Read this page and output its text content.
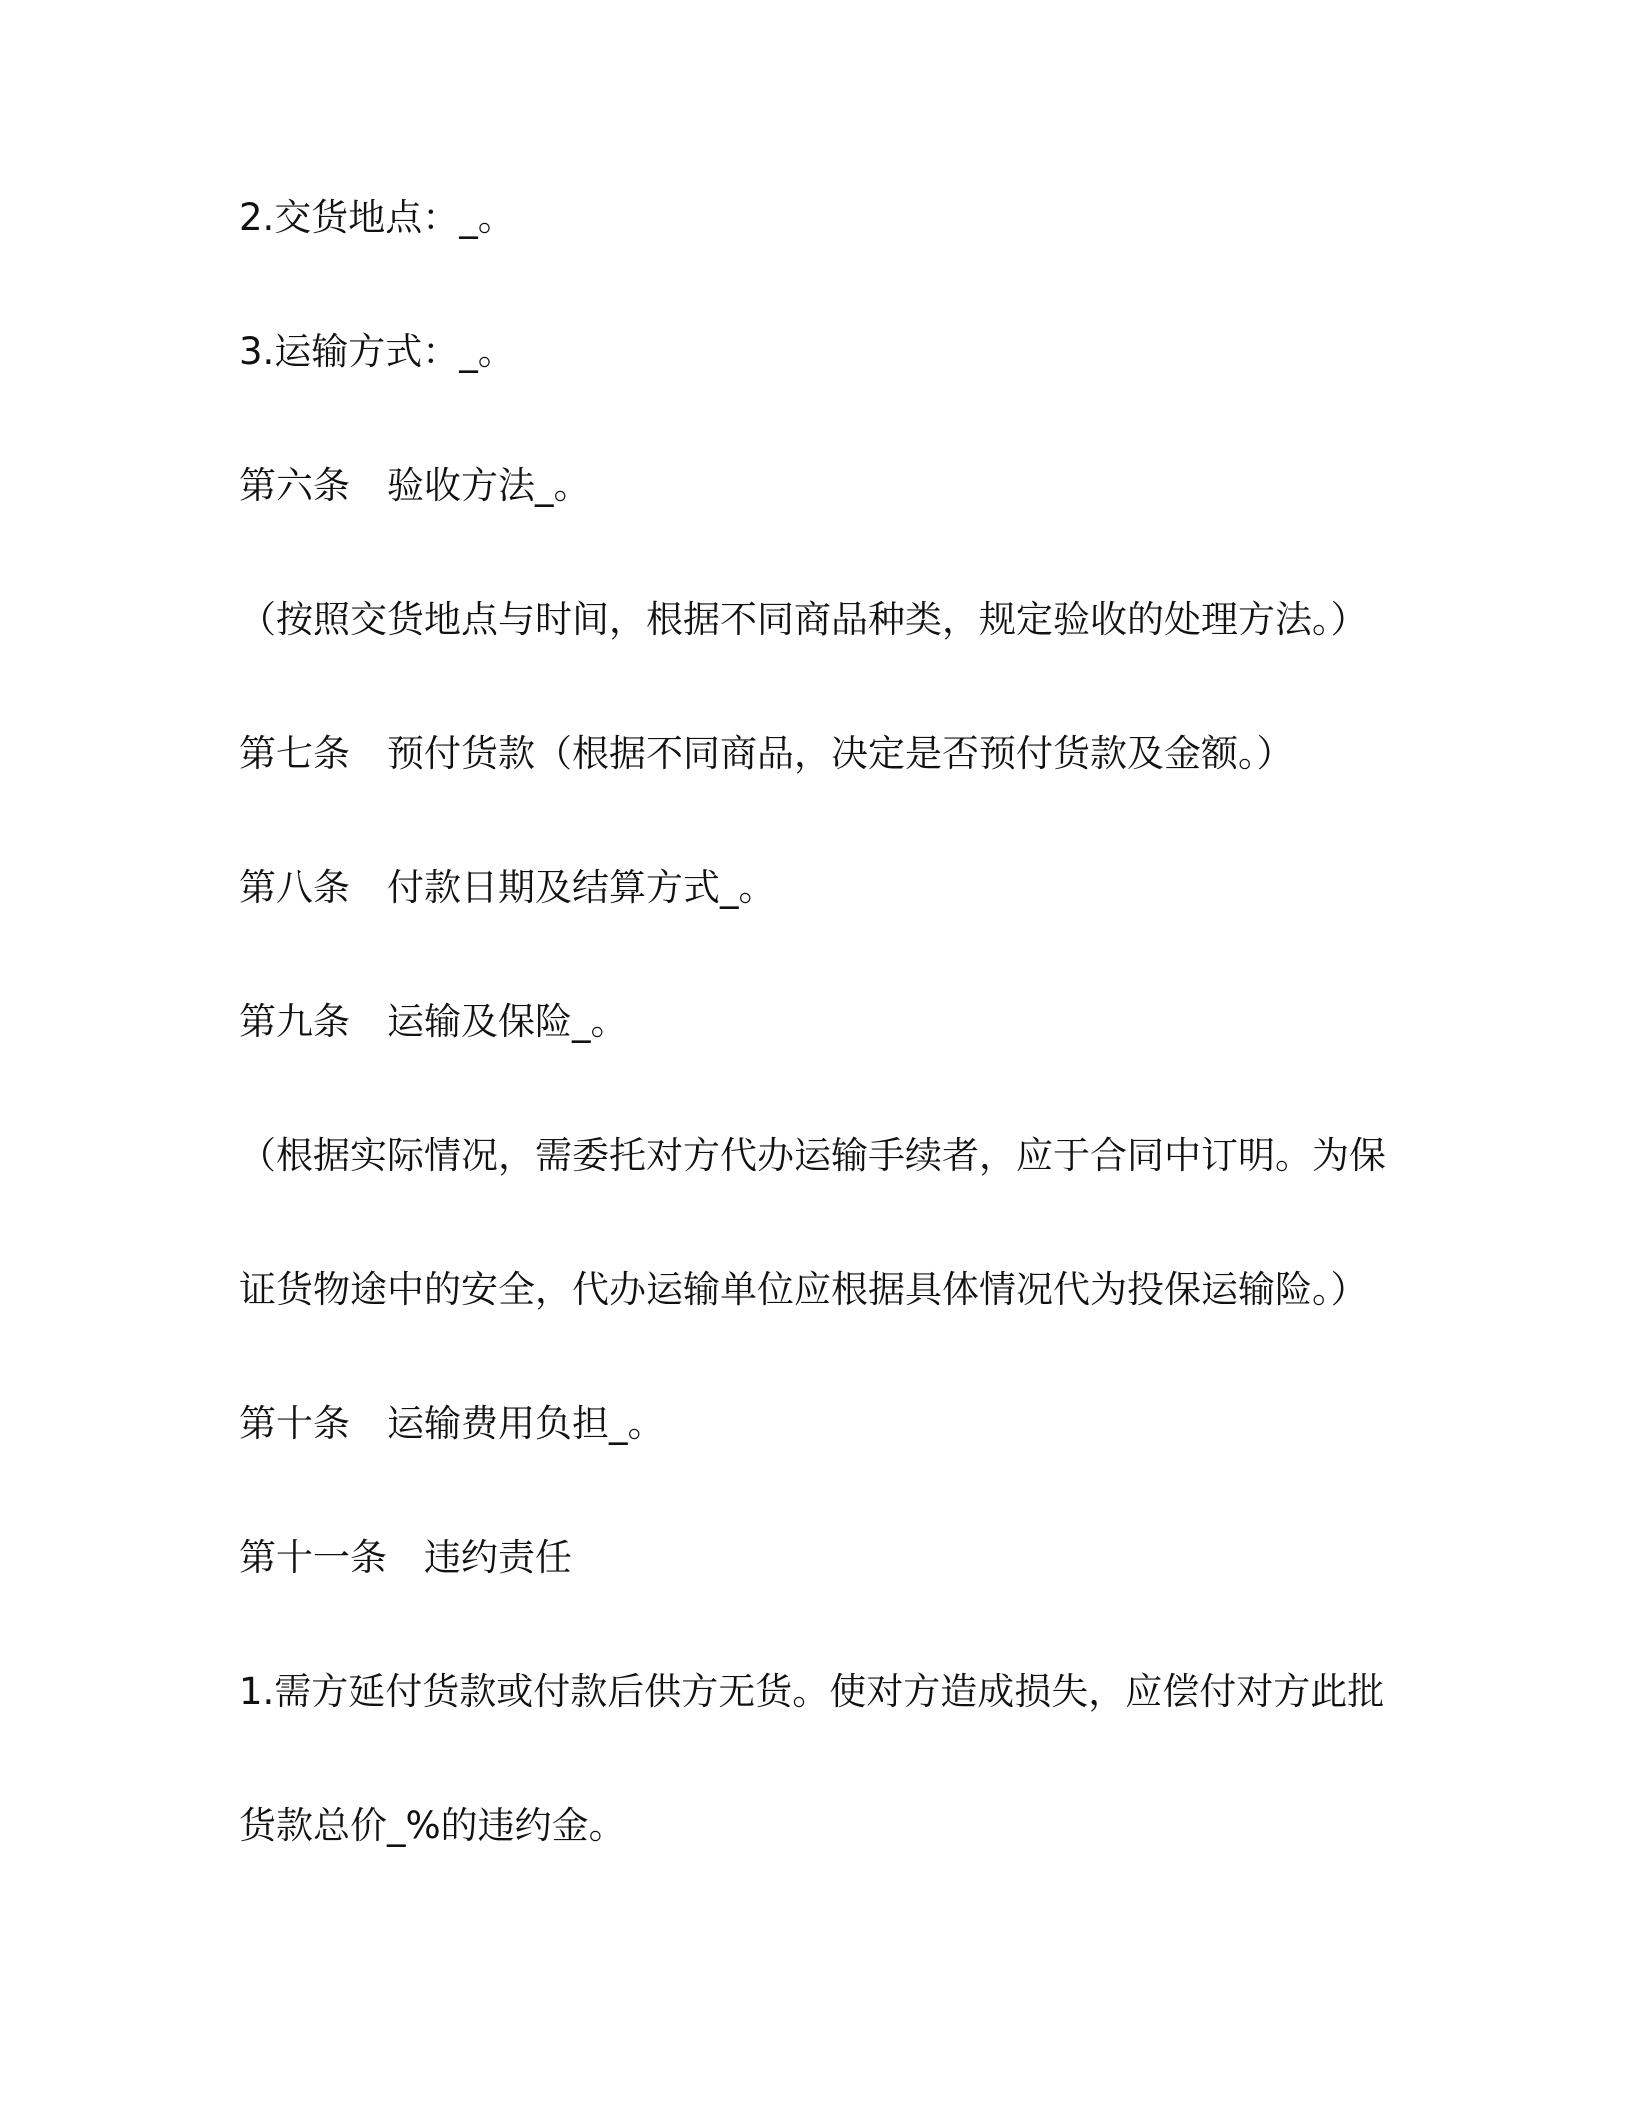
2.交货地点：_。
3.运输方式：_。
第六条　验收方法_。
（按照交货地点与时间，根据不同商品种类，规定验收的处理方法。）
第七条　预付货款（根据不同商品，决定是否预付货款及金额。）
第八条　付款日期及结算方式_。
第九条　运输及保险_。
（根据实际情况，需委托对方代办运输手续者，应于合同中订明。为保
证货物途中的安全，代办运输单位应根据具体情况代为投保运输险。）
第十条　运输费用负担_。
第十一条　违约责任
1.需方延付货款或付款后供方无货。使对方造成损失，应偿付对方此批
货款总价_%的违约金。
